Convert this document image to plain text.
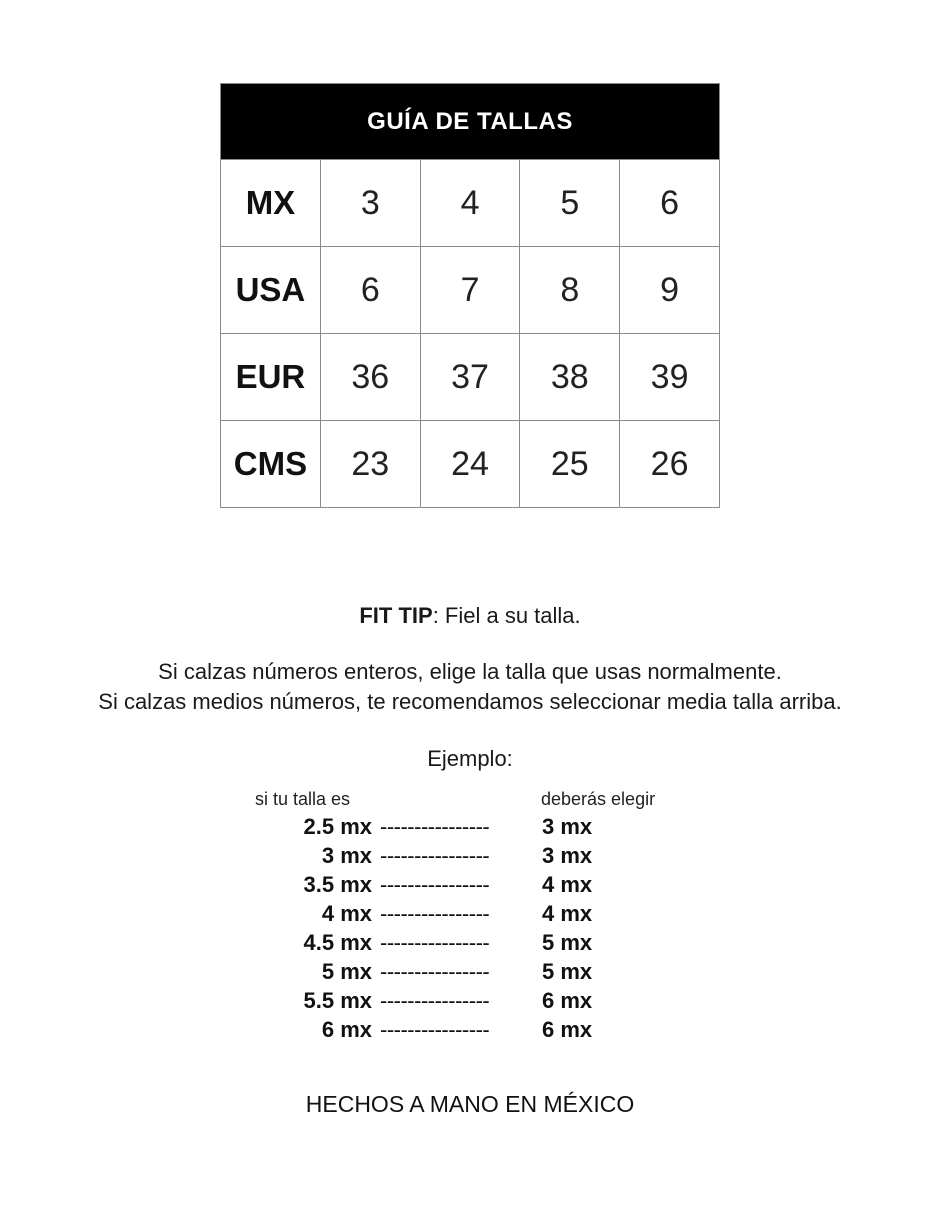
GUÍA DE TALLAS				
MX	3	4	5	6
USA	6	7	8	9
EUR	36	37	38	39
CMS	23	24	25	26
FIT TIP: Fiel a su talla.
Si calzas números enteros, elige la talla que usas normalmente.
Si calzas medios números, te recomendamos seleccionar media talla arriba.
Ejemplo:
si tu talla es	deberás elegir
2.5 mx ---------------- 3 mx
3 mx ---------------- 3 mx
3.5 mx ---------------- 4 mx
4 mx ---------------- 4 mx
4.5 mx ---------------- 5 mx
5 mx ---------------- 5 mx
5.5 mx ---------------- 6 mx
6 mx ---------------- 6 mx
HECHOS A MANO EN MÉXICO
